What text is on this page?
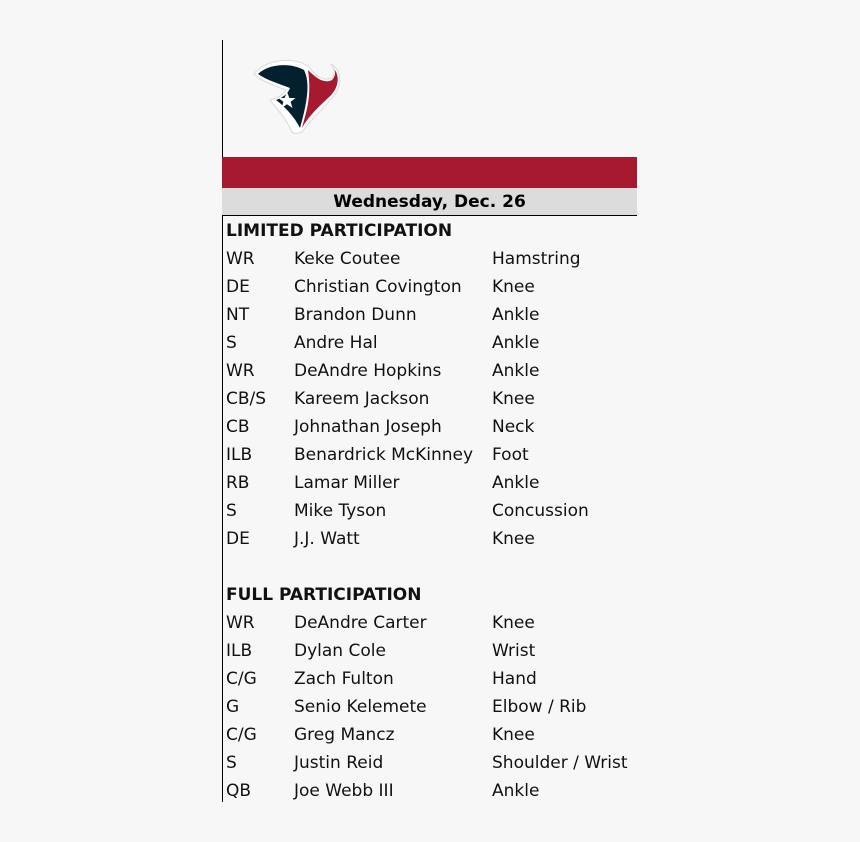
Wednesday, Dec. 26
LIMITED PARTICIPATION
WR Keke Coutee	Hamstring
DE	Christian Covington Knee
NT	Brandon Dunn	Ankle
S	Andre Hal	Ankle
WR DeAndre Hopkins	Ankle
CB/S Kareem Jackson	Knee
CB	Johnathan Joseph	Neck
ILB Benardrick McKinney Foot
RB	Lamar Miller	Ankle
S	Mike Tyson	Concussion
DE	J.J. Watt	Knee
FULL PARTICIPATION
WR DeAndre Carter	Knee
ILB Dylan Cole	Wrist
C/G Zach Fulton	Hand
G	Senio Kelemete	Elbow / Rib
C/G Greg Mancz	Knee
S	Justin Reid	Shoulder / Wrist
QB	Joe Webb III	Ankle
